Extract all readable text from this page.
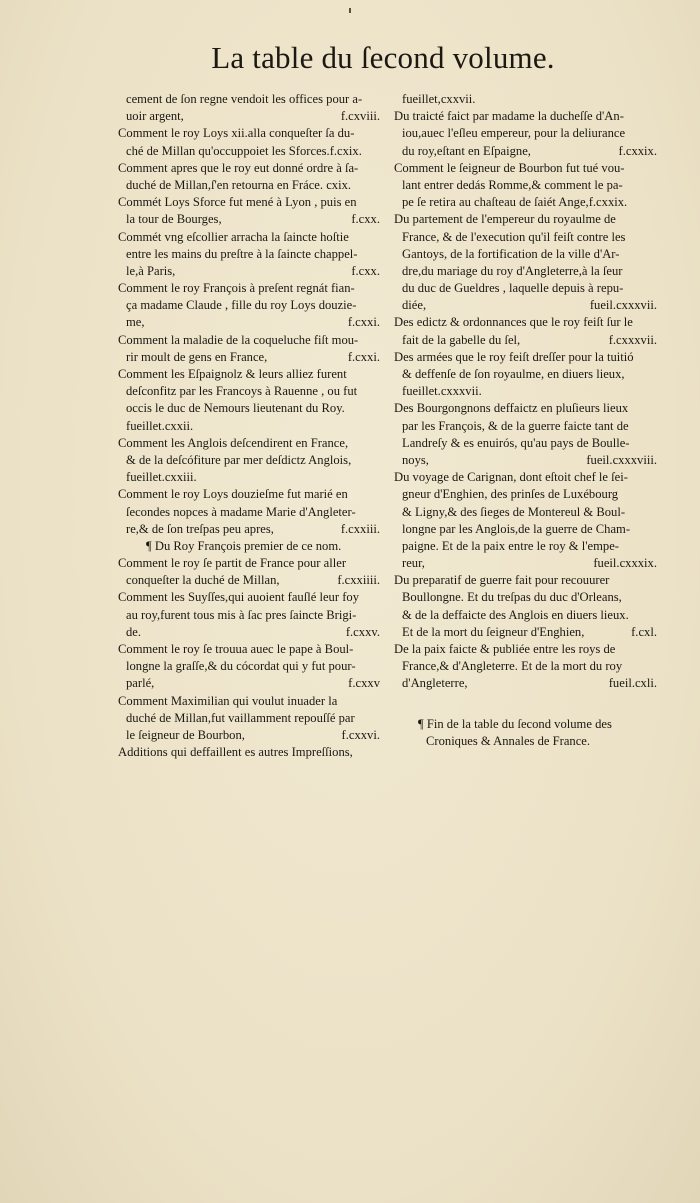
La table du ſecond volume.
cement de ſon regne vendoit les offices pour a-
uoir argent,	f.cxviii.
Comment le roy Loys xii.alla conqueſter ſa du-
ché de Millan qu'occuppoiet les Sforces.f.cxix.
Comment apres que le roy eut donné ordre à ſa-
duché de Millan,ſ'en retourna en Fráce. cxix.
Commét Loys Sforce fut mené à Lyon , puis en
la tour de Bourges,	f.cxx.
Commét vng eſcollier arracha la ſaincte hoſtie
entre les mains du preſtre à la ſaincte chappel-
le,à Paris,	f.cxx.
Comment le roy François à preſent regnát fian-
ça madame Claude , fille du roy Loys douzie-
me,	f.cxxi.
Comment la maladie de la coqueluche fiſt mou-
rir moult de gens en France,	f.cxxi.
Comment les Eſpaignolz & leurs alliez furent
deſconfitz par les Francoys à Rauenne , ou fut
occis le duc de Nemours lieutenant du Roy.
fueillet.cxxii.
Comment les Anglois deſcendirent en France,
& de la deſcófiture par mer deſdictz Anglois,
fueillet.cxxiii.
Comment le roy Loys douzieſme fut marié en
ſecondes nopces à madame Marie d'Angleter-
re,& de ſon treſpas peu apres,	f.cxxiii.
¶ Du Roy François premier de ce nom.
Comment le roy ſe partit de France pour aller
conqueſter la duché de Millan,	f.cxxiiii.
Comment les Suyſſes,qui auoient fauſlé leur foy
au roy,furent tous mis à ſac pres ſaincte Brigi-
de.	f.cxxv.
Comment le roy ſe trouua auec le pape à Boul-
longne la graſſe,& du cócordat qui y fut pour-
parlé,	f.cxxv
Comment Maximilian qui voulut inuader la
duché de Millan,fut vaillamment repouſſé par
le ſeigneur de Bourbon,	f.cxxvi.
Additions qui deffaillent es autres Impreſſions,
fueillet,cxxvii.
Du traicté faict par madame la ducheſſe d'An-
iou,auec l'eſleu empereur, pour la deliurance
du roy,eſtant en Eſpaigne,	f.cxxix.
Comment le ſeigneur de Bourbon fut tué vou-
lant entrer dedás Romme,& comment le pa-
pe ſe retira au chaſteau de ſaiét Ange,f.cxxix.
Du partement de l'empereur du royaulme de
France, & de l'execution qu'il feiſt contre les
Gantoys, de la fortification de la ville d'Ar-
dre,du mariage du roy d'Angleterre,à la ſeur
du duc de Gueldres , laquelle depuis à repu-
diée,	fueil.cxxxvii.
Des edictz & ordonnances que le roy feiſt ſur le
fait de la gabelle du ſel,	f.cxxxvii.
Des armées que le roy feiſt dreſſer pour la tuitió
& deffenſe de ſon royaulme, en diuers lieux,
fueillet.cxxxvii.
Des Bourgongnons deffaictz en pluſieurs lieux
par les François, & de la guerre faicte tant de
Landreſy & es enuirós, qu'au pays de Boulle-
noys,	fueil.cxxxviii.
Du voyage de Carignan, dont eſtoit chef le ſei-
gneur d'Enghien, des prinſes de Luxébourg
& Ligny,& des ſieges de Montereul & Boul-
longne par les Anglois,de la guerre de Cham-
paigne. Et de la paix entre le roy & l'empe-
reur,	fueil.cxxxix.
Du preparatif de guerre fait pour recouurer
Boullongne. Et du treſpas du duc d'Orleans,
& de la deffaicte des Anglois en diuers lieux.
Et de la mort du ſeigneur d'Enghien,	f.cxl.
De la paix faicte & publiée entre les roys de
France,& d'Angleterre. Et de la mort du roy
d'Angleterre,	fueil.cxli.
¶ Fin de la table du ſecond volume des
Croniques & Annales de France.
